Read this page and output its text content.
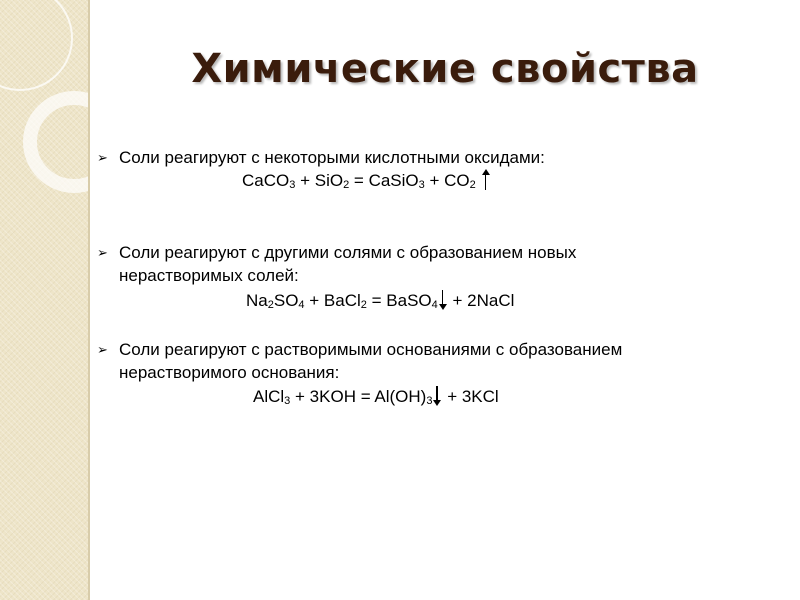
Химические свойства
➢ Соли реагируют с некоторыми кислотными оксидами:
CaCO$_3$ + SiO$_2$ = CaSiO$_3$ + $CO_2$
➢ Соли реагируют с другими солями с образованием новых
нерастворимых солей:
$Na_2SO_4$ + BaCl$_2$ = BaSO$_4$
+ 2NaCl
➢ Соли реагируют с растворимыми основаниями с образованием
нерастворимого основания:
AlCl$_3$ + $3KOH = Al(OH)_3$
+ 3KCl
